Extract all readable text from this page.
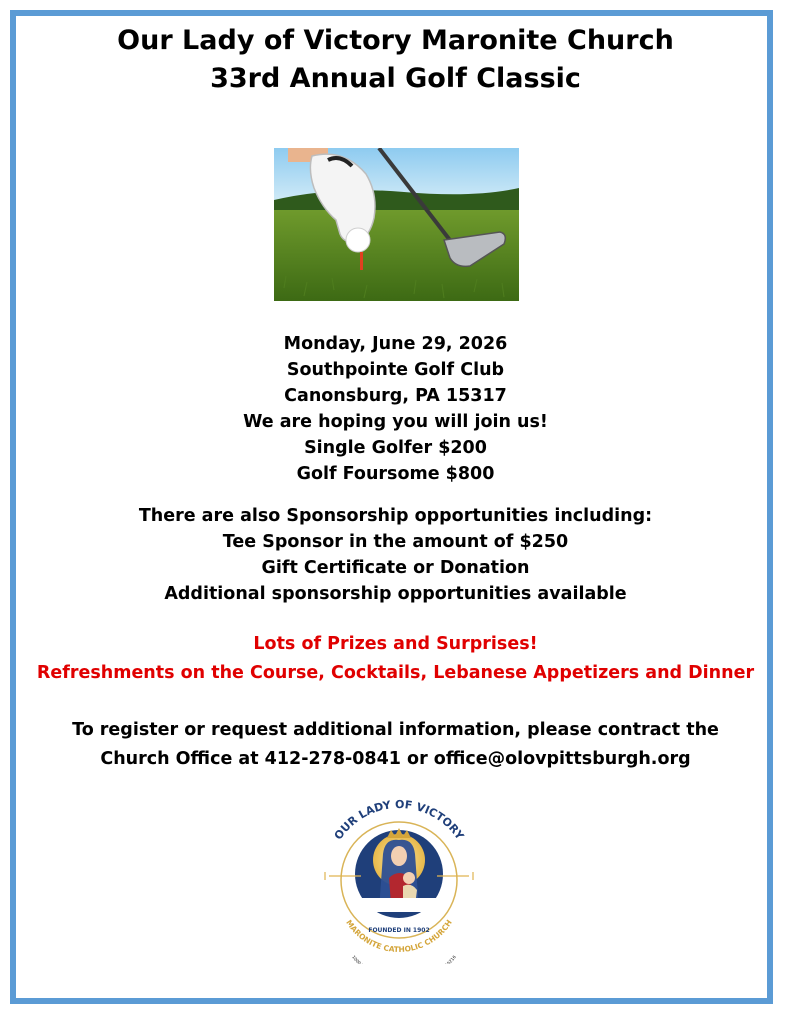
Our Lady of Victory Maronite Church
33rd Annual Golf Classic
Monday, June 29, 2026
Southpointe Golf Club
Canonsburg, PA 15317
We are hoping you will join us!
Single Golfer $200
Golf Foursome $800
There are also Sponsorship opportunities including:
Tee Sponsor in the amount of $250
Gift Certificate or Donation
Additional sponsorship opportunities available
Lots of Prizes and Surprises!
Refreshments on the Course, Cocktails, Lebanese Appetizers and Dinner
To register or request additional information, please contract the
Church Office at 412-278-0841 or office@olovpittsburgh.org
OUR LADY OF VICTORY
MARONITE CATHOLIC CHURCH
FOUNDED IN 1902
1000 5216
